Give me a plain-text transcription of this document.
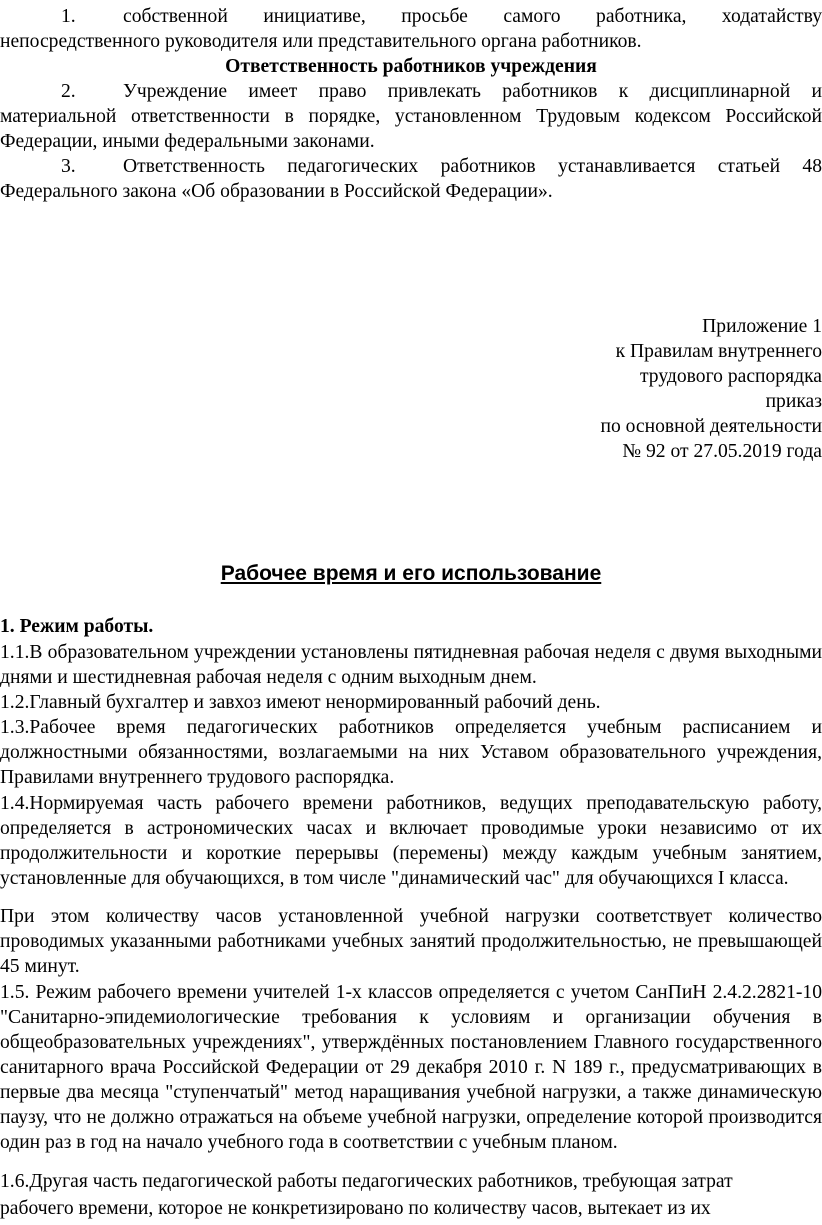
1. собственной инициативе, просьбе самого работника, ходатайству непосредственного руководителя или представительного органа работников.

Ответственность работников учреждения

2. Учреждение имеет право привлекать работников к дисциплинарной и материальной ответственности в порядке, установленном Трудовым кодексом Российской Федерации, иными федеральными законами.

3. Ответственность педагогических работников устанавливается статьей 48 Федерального закона «Об образовании в Российской Федерации».

Приложение 1
к Правилам внутреннего
трудового распорядка
приказ
по основной деятельности
№ 92 от 27.05.2019 года
Рабочее время и его использование
1. Режим работы.

1.1.В образовательном учреждении установлены пятидневная рабочая неделя с двумя выходными днями и шестидневная рабочая неделя с одним выходным днем.

1.2.Главный бухгалтер и завхоз имеют ненормированный рабочий день.

1.3.Рабочее время педагогических работников определяется учебным расписанием и должностными обязанностями, возлагаемыми на них Уставом образовательного учреждения, Правилами внутреннего трудового распорядка.

1.4.Нормируемая часть рабочего времени работников, ведущих преподавательскую работу, определяется в астрономических часах и включает проводимые уроки независимо от их продолжительности и короткие перерывы (перемены) между каждым учебным занятием, установленные для обучающихся, в том числе "динамический час" для обучающихся I класса.

При этом количеству часов установленной учебной нагрузки соответствует количество проводимых указанными работниками учебных занятий продолжительностью, не превышающей 45 минут.

1.5. Режим рабочего времени учителей 1-х классов определяется с учетом СанПиН 2.4.2.2821-10 "Санитарно-эпидемиологические требования к условиям и организации обучения в общеобразовательных учреждениях", утверждённых постановлением Главного государственного санитарного врача Российской Федерации от 29 декабря 2010 г. N 189 г., предусматривающих в первые два месяца "ступенчатый" метод наращивания учебной нагрузки, а также динамическую паузу, что не должно отражаться на объеме учебной нагрузки, определение которой производится один раз в год на начало учебного года в соответствии с учебным планом.

1.6.Другая часть педагогической работы педагогических работников, требующая затрат
рабочего времени, которое не конкретизировано по количеству часов, вытекает из их
